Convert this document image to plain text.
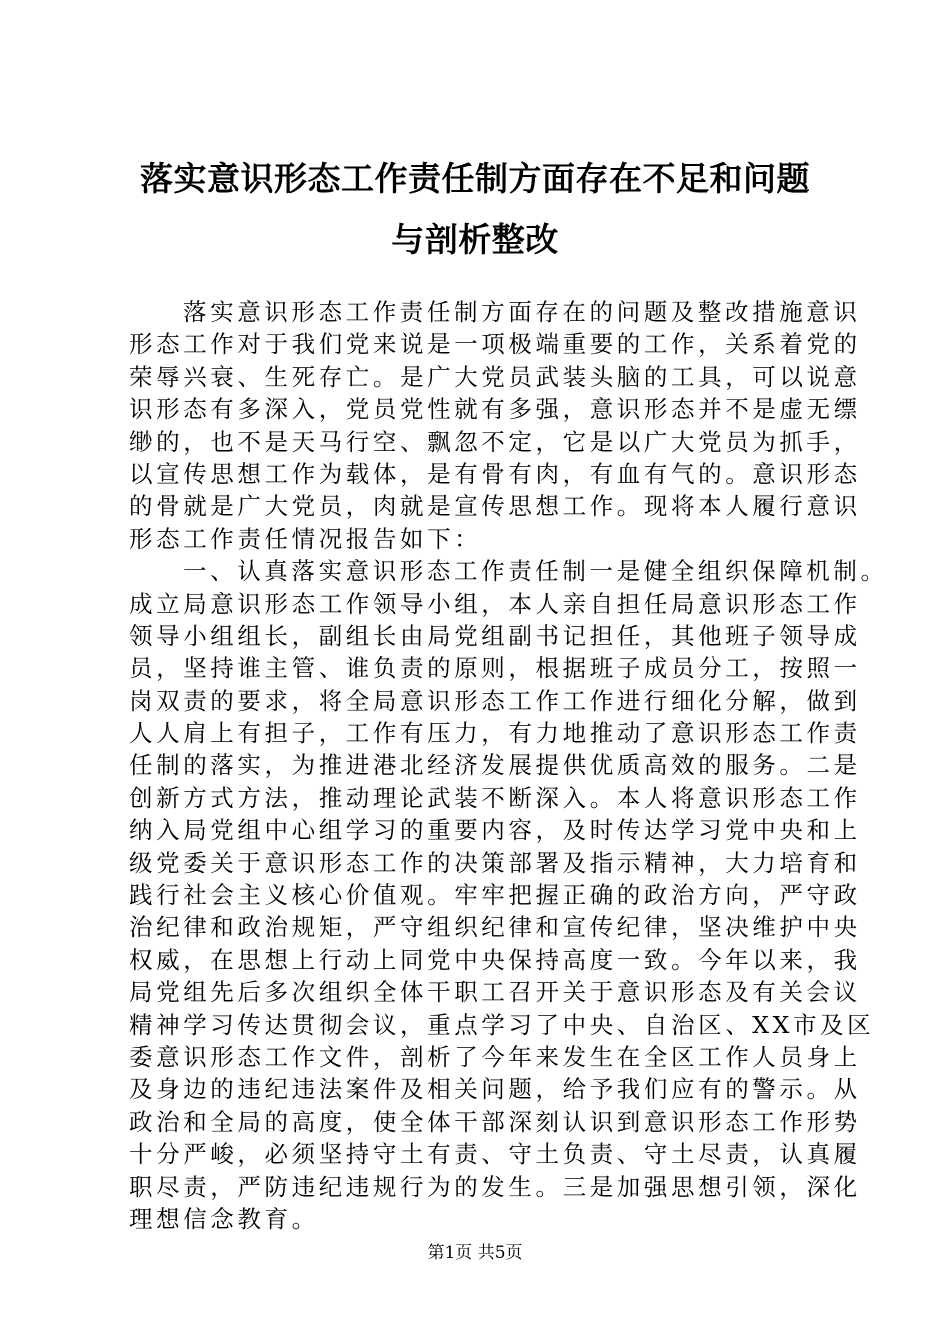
落实意识形态工作责任制方面存在不足和问题
与剖析整改
落实意识形态工作责任制方面存在的问题及整改措施意识
形态工作对于我们党来说是一项极端重要的工作，关系着党的
荣辱兴衰、生死存亡。是广大党员武装头脑的工具，可以说意
识形态有多深入，党员党性就有多强，意识形态并不是虚无缥
缈的，也不是天马行空、飘忽不定，它是以广大党员为抓手，
以宣传思想工作为载体，是有骨有肉，有血有气的。意识形态
的骨就是广大党员，肉就是宣传思想工作。现将本人履行意识
形态工作责任情况报告如下：
一、认真落实意识形态工作责任制一是健全组织保障机制。
成立局意识形态工作领导小组，本人亲自担任局意识形态工作
领导小组组长，副组长由局党组副书记担任，其他班子领导成
员，坚持谁主管、谁负责的原则，根据班子成员分工，按照一
岗双责的要求，将全局意识形态工作工作进行细化分解，做到
人人肩上有担子，工作有压力，有力地推动了意识形态工作责
任制的落实，为推进港北经济发展提供优质高效的服务。二是
创新方式方法，推动理论武装不断深入。本人将意识形态工作
纳入局党组中心组学习的重要内容，及时传达学习党中央和上
级党委关于意识形态工作的决策部署及指示精神，大力培育和
践行社会主义核心价值观。牢牢把握正确的政治方向，严守政
治纪律和政治规矩，严守组织纪律和宣传纪律，坚决维护中央
权威，在思想上行动上同党中央保持高度一致。今年以来，我
局党组先后多次组织全体干职工召开关于意识形态及有关会议
精神学习传达贯彻会议，重点学习了中央、自治区、XX市及区
委意识形态工作文件，剖析了今年来发生在全区工作人员身上
及身边的违纪违法案件及相关问题，给予我们应有的警示。从
政治和全局的高度，使全体干部深刻认识到意识形态工作形势
十分严峻，必须坚持守土有责、守土负责、守土尽责，认真履
职尽责，严防违纪违规行为的发生。三是加强思想引领，深化
理想信念教育。
第1页 共5页
